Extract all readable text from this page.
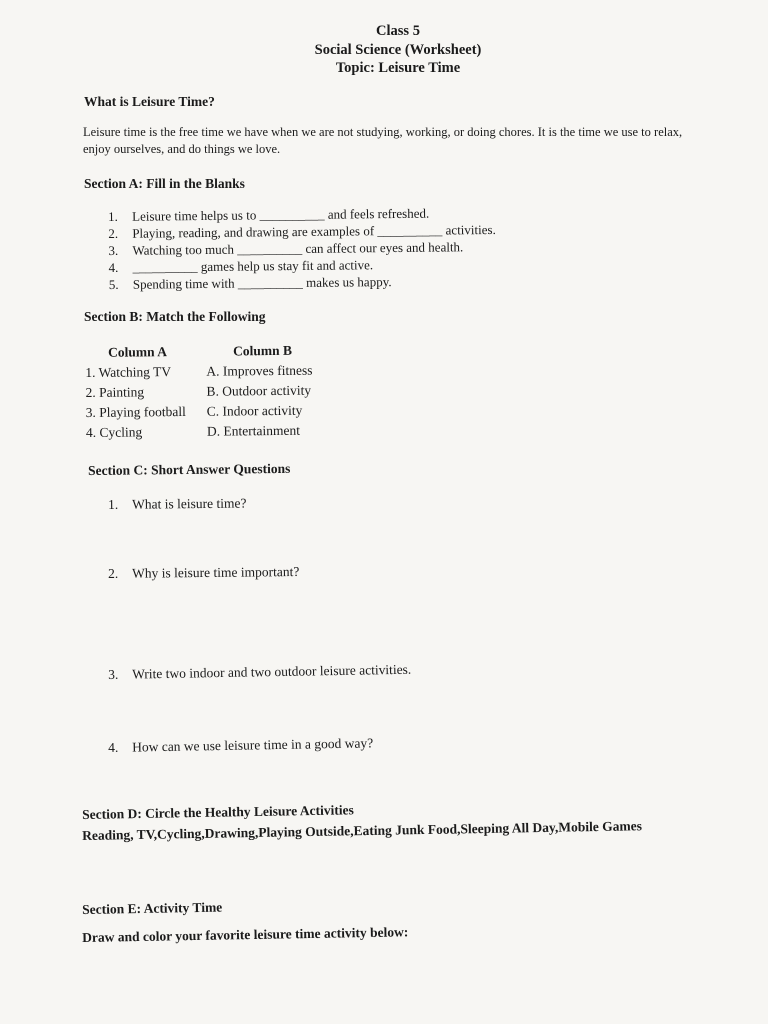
Class 5
Social Science (Worksheet)
Topic: Leisure Time
What is Leisure Time?
Leisure time is the free time we have when we are not studying, working, or doing chores. It is the time we use to relax, enjoy ourselves, and do things we love.
Section A: Fill in the Blanks
1. Leisure time helps us to __________ and feels refreshed.
2. Playing, reading, and drawing are examples of __________ activities.
3. Watching too much __________ can affect our eyes and health.
4. __________ games help us stay fit and active.
5. Spending time with __________ makes us happy.
Section B: Match the Following
Column A	Column B
1. Watching TV	A. Improves fitness
2. Painting	B. Outdoor activity
3. Playing football C. Indoor activity
4. Cycling	D. Entertainment
Section C: Short Answer Questions
1. What is leisure time?
2. Why is leisure time important?
3. Write two indoor and two outdoor leisure activities.
4. How can we use leisure time in a good way?
Section D: Circle the Healthy Leisure Activities
Reading, TV,Cycling,Drawing,Playing Outside,Eating Junk Food,Sleeping All Day,Mobile Games
Section E: Activity Time
Draw and color your favorite leisure time activity below:
